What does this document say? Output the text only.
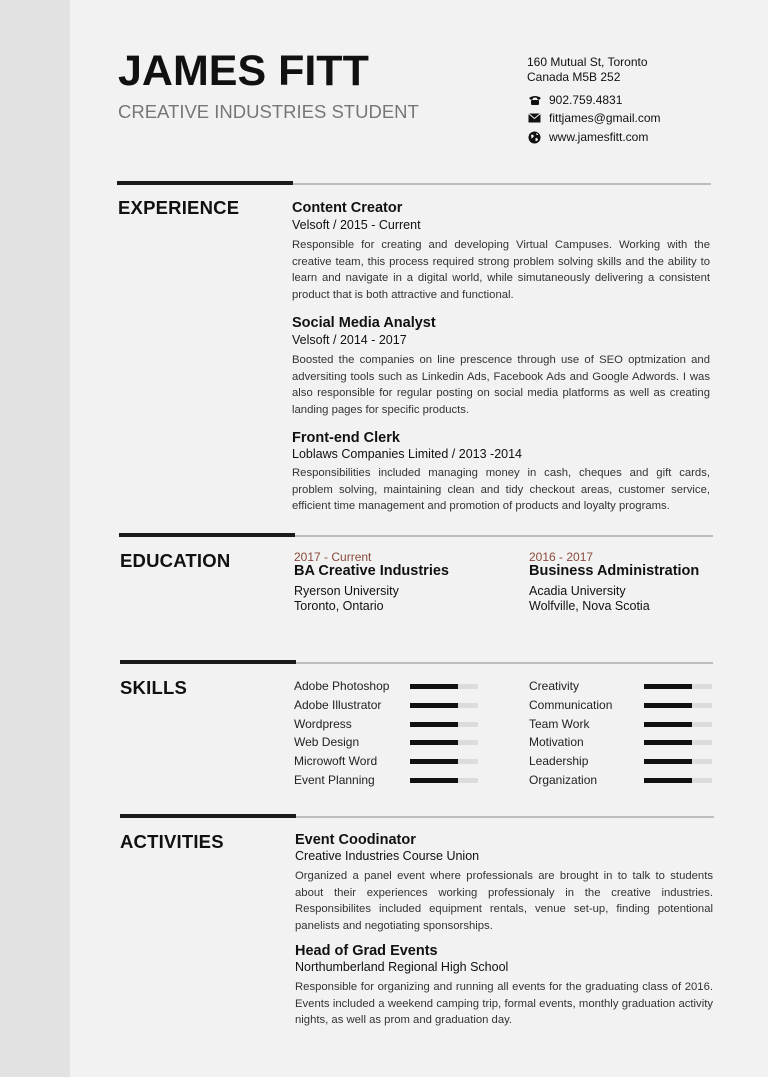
JAMES FITT
CREATIVE INDUSTRIES STUDENT
160 Mutual St, Toronto
Canada M5B 252
902.759.4831
fittjames@gmail.com
www.jamesfitt.com
EXPERIENCE	Content Creator
Velsoft / 2015 - Current
Responsible for creating and developing Virtual Campuses. Working with the creative team, this process required strong problem solving skills and the ability to learn and navigate in a digital world, while simutaneously delivering a consistent product that is both attractive and functional.
Social Media Analyst
Velsoft / 2014 - 2017
Boosted the companies on line prescence through use of SEO optmization and adversiting tools such as Linkedin Ads, Facebook Ads and Google Adwords. I was also responsible for regular posting on social media platforms as well as creating landing pages for specific products.
Front-end Clerk
Loblaws Companies Limited / 2013 -2014
Responsibilities included managing money in cash, cheques and gift cards, problem solving, maintaining clean and tidy checkout areas, customer service, efficient time management and promotion of products and loyalty programs.
EDUCATION	2017 - Current
BA Creative Industries
Ryerson University
Toronto, Ontario
2016 - 2017
Business Administration
Acadia University
Wolfville, Nova Scotia
SKILLS	Adobe Photoshop
Adobe Illustrator
Wordpress
Web Design
Microwoft Word
Event Planning
Creativity
Communication
Team Work
Motivation
Leadership
Organization
ACTIVITIES	Event Coodinator
Creative Industries Course Union
Organized a panel event where professionals are brought in to talk to students about their experiences working professionaly in the creative industries. Responsibilites included equipment rentals, venue set-up, finding potentional panelists and negotiating sponsorships.
Head of Grad Events
Northumberland Regional High School
Responsible for organizing and running all events for the graduating class of 2016. Events included a weekend camping trip, formal events, monthly graduation activity nights, as well as prom and graduation day.
